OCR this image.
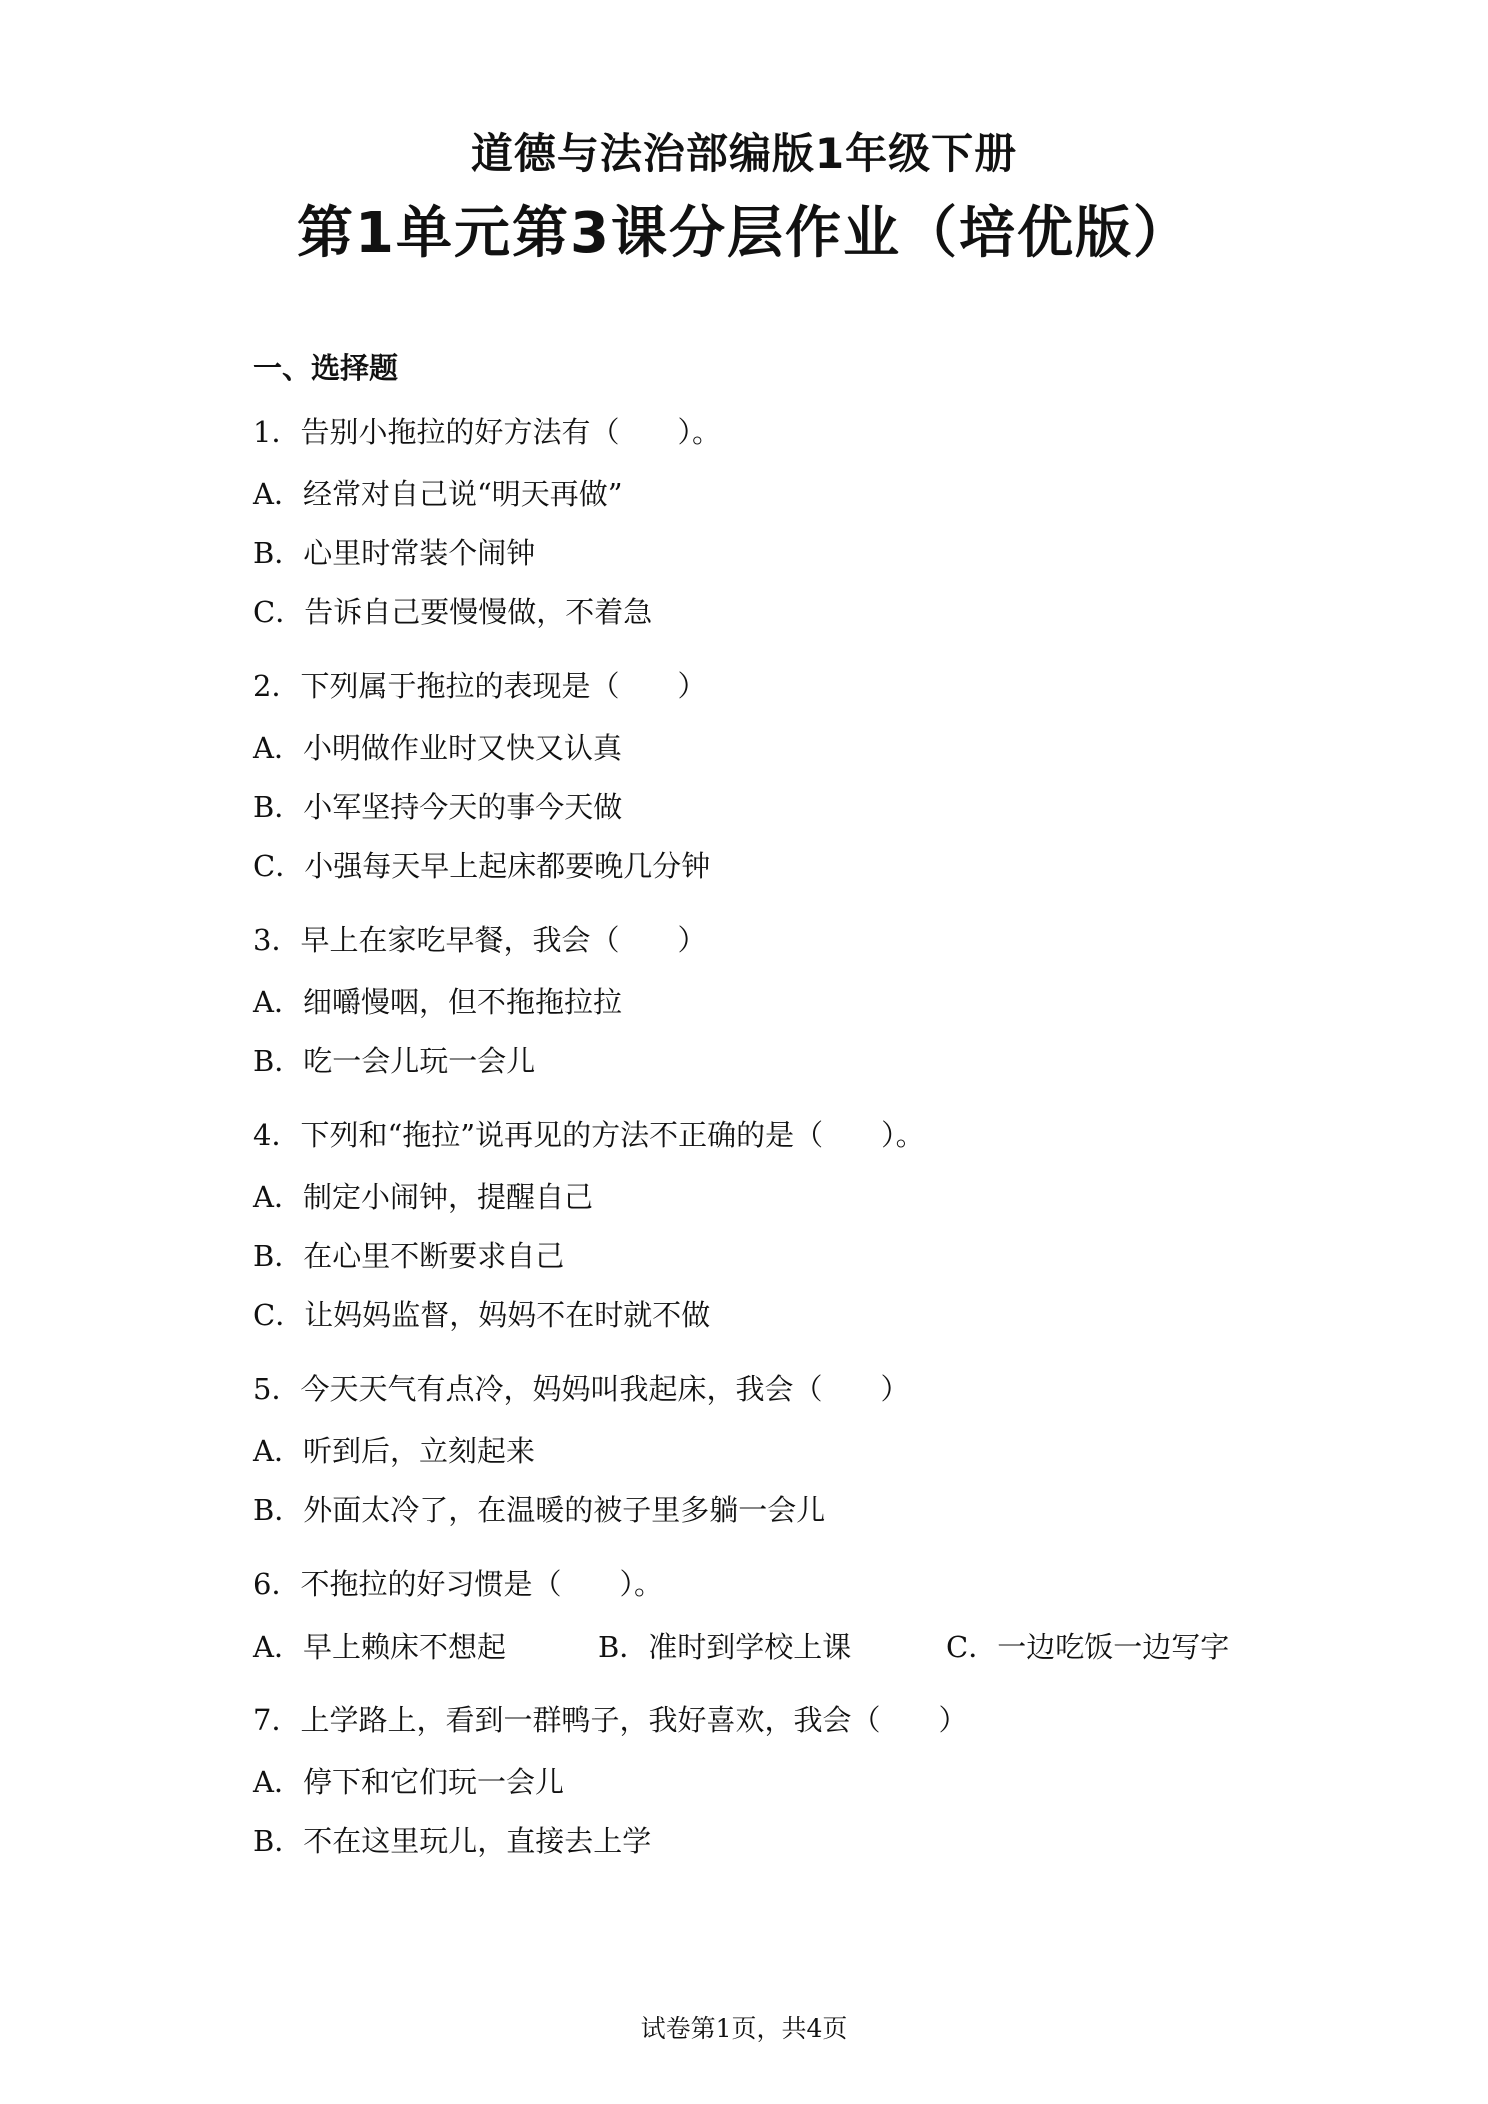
道德与法治部编版1年级下册
第1单元第3课分层作业（培优版）
一、选择题
1．告别小拖拉的好方法有（　　）。
A．经常对自己说“明天再做”
B．心里时常装个闹钟
C．告诉自己要慢慢做，不着急
2．下列属于拖拉的表现是（　　）
A．小明做作业时又快又认真
B．小军坚持今天的事今天做
C．小强每天早上起床都要晚几分钟
3．早上在家吃早餐，我会（　　）
A．细嚼慢咽，但不拖拖拉拉
B．吃一会儿玩一会儿
4．下列和“拖拉”说再见的方法不正确的是（　　）。
A．制定小闹钟，提醒自己
B．在心里不断要求自己
C．让妈妈监督，妈妈不在时就不做
5．今天天气有点冷，妈妈叫我起床，我会（　　）
A．听到后，立刻起来
B．外面太冷了，在温暖的被子里多躺一会儿
6．不拖拉的好习惯是（　　）。
A．早上赖床不想起	B．准时到学校上课	C．一边吃饭一边写字
7．上学路上，看到一群鸭子，我好喜欢，我会（　　）
A．停下和它们玩一会儿
B．不在这里玩儿，直接去上学
试卷第1页，共4页
